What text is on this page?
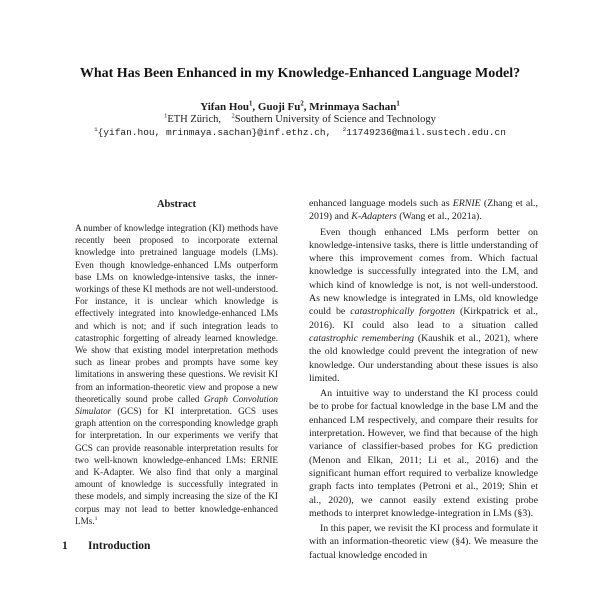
What Has Been Enhanced in my Knowledge-Enhanced Language Model?
Yifan Hou$^1$, Guoji Fu$^2$, Mrinmaya Sachan$^1$
$^1$ETH Zürich, $^2$Southern University of Science and Technology
$^1${yifan.hou, mrinmaya.sachan}@inf.ethz.ch, $^2$11749236@mail.sustech.edu.cn
Abstract
A number of knowledge integration (KI) methods have recently been proposed to incorporate external knowledge into pretrained language models (LMs). Even though knowledge-enhanced LMs outperform base LMs on knowledge-intensive tasks, the inner-workings of these KI methods are not well-understood. For instance, it is unclear which knowledge is effectively integrated into knowledge-enhanced LMs and which is not; and if such integration leads to catastrophic forgetting of already learned knowledge. We show that existing model interpretation methods such as linear probes and prompts have some key limitations in answering these questions. We revisit KI from an information-theoretic view and propose a new theoretically sound probe called Graph Convolution Simulator (GCS) for KI interpretation. GCS uses graph attention on the corresponding knowledge graph for interpretation. In our experiments we verify that GCS can provide reasonable interpretation results for two well-known knowledge-enhanced LMs: ERNIE and K-Adapter. We also find that only a marginal amount of knowledge is successfully integrated in these models, and simply increasing the size of the KI corpus may not lead to better knowledge-enhanced LMs.$^1$
1	Introduction

enhanced language models such as ERNIE (Zhang et al., 2019) and K-Adapters (Wang et al., 2021a).

Even though enhanced LMs perform better on knowledge-intensive tasks, there is little understanding of where this improvement comes from. Which factual knowledge is successfully integrated into the LM, and which kind of knowledge is not, is not well-understood. As new knowledge is integrated in LMs, old knowledge could be catastrophically forgotten (Kirkpatrick et al., 2016). KI could also lead to a situation called catastrophic remembering (Kaushik et al., 2021), where the old knowledge could prevent the integration of new knowledge. Our understanding about these issues is also limited.

An intuitive way to understand the KI process could be to probe for factual knowledge in the base LM and the enhanced LM respectively, and compare their results for interpretation. However, we find that because of the high variance of classifier-based probes for KG prediction (Menon and Elkan, 2011; Li et al., 2016) and the significant human effort required to verbalize knowledge graph facts into templates (Petroni et al., 2019; Shin et al., 2020), we cannot easily extend existing probe methods to interpret knowledge-integration in LMs (§3).

In this paper, we revisit the KI process and formulate it with an information-theoretic view (§4). We measure the factual knowledge encoded in
